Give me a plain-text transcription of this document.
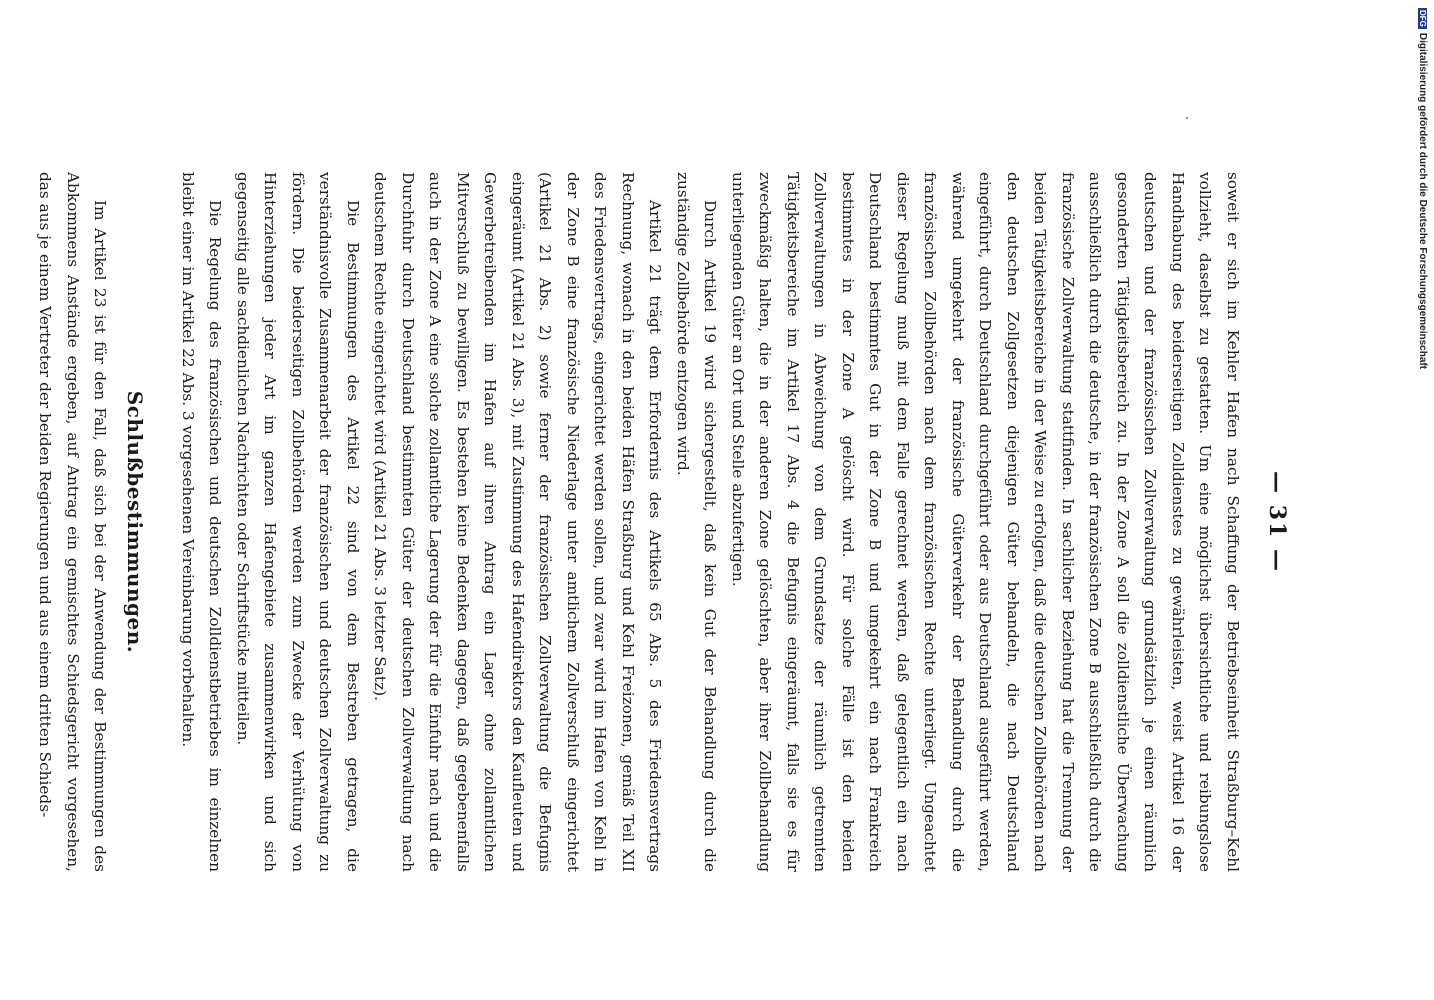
— 31 —

soweit er sich im Kehler Hafen nach Schaffung der Betriebseinheit Straßburg–Kehl vollzieht, daselbst zu gestatten. Um eine möglichst übersichtliche und reibungslose Handhabung des beiderseitigen Zolldienstes zu gewährleisten, weist Artikel 16 der deutschen und der französischen Zollverwaltung grundsätzlich je einen räumlich gesonderten Tätigkeitsbereich zu. In der Zone A soll die zolldienstliche Überwachung ausschließlich durch die deutsche, in der französischen Zone B ausschließlich durch die französische Zollverwaltung stattfinden. In sachlicher Beziehung hat die Trennung der beiden Tätigkeitsbereiche in der Weise zu erfolgen, daß die deutschen Zollbehörden nach den deutschen Zollgesetzen diejenigen Güter behandeln, die nach Deutschland eingeführt, durch Deutschland durchgeführt oder aus Deutschland ausgeführt werden, während umgekehrt der französische Güterverkehr der Behandlung durch die französischen Zollbehörden nach dem französischen Rechte unterliegt. Ungeachtet dieser Regelung muß mit dem Falle gerechnet werden, daß gelegentlich ein nach Deutschland bestimmtes Gut in der Zone B und umgekehrt ein nach Frankreich bestimmtes in der Zone A gelöscht wird. Für solche Fälle ist den beiden Zollverwaltungen in Abweichung von dem Grundsatze der räumlich getrennten Tätigkeitsbereiche im Artikel 17 Abs. 4 die Befugnis eingeräumt, falls sie es für zweckmäßig halten, die in der anderen Zone gelöschten, aber ihrer Zollbehandlung unterliegenden Güter an Ort und Stelle abzufertigen.

Durch Artikel 19 wird sichergestellt, daß kein Gut der Behandlung durch die zuständige Zollbehörde entzogen wird.

Artikel 21 trägt dem Erfordernis des Artikels 65 Abs. 5 des Friedensvertrags Rechnung, wonach in den beiden Häfen Straßburg und Kehl Freizonen, gemäß Teil XII des Friedensvertrags, eingerichtet werden sollen, und zwar wird im Hafen von Kehl in der Zone B eine französische Niederlage unter amtlichem Zollverschluß eingerichtet (Artikel 21 Abs. 2) sowie ferner der französischen Zollverwaltung die Befugnis eingeräumt (Artikel 21 Abs. 3), mit Zustimmung des Hafendirektors den Kaufleuten und Gewerbetreibenden im Hafen auf ihren Antrag ein Lager ohne zollamtlichen Mitverschluß zu bewilligen. Es bestehen keine Bedenken dagegen, daß gegebenenfalls auch in der Zone A eine solche zollamtliche Lagerung der für die Einfuhr nach und die Durchfuhr durch Deutschland bestimmten Güter der deutschen Zollverwaltung nach deutschem Rechte eingerichtet wird (Artikel 21 Abs. 3 letzter Satz).

Die Bestimmungen des Artikel 22 sind von dem Bestreben getragen, die verständnisvolle Zusammenarbeit der französischen und deutschen Zollverwaltung zu fördern. Die beiderseitigen Zollbehörden werden zum Zwecke der Verhütung von Hinterziehungen jeder Art im ganzen Hafengebiete zusammenwirken und sich gegenseitig alle sachdienlichen Nachrichten oder Schriftstücke mitteilen.

Die Regelung des französischen und deutschen Zolldienstbetriebes im einzelnen bleibt einer im Artikel 22 Abs. 3 vorgesehenen Vereinbarung vorbehalten.

Schlußbestimmungen.

Im Artikel 23 ist für den Fall, daß sich bei der Anwendung der Bestimmungen des Abkommens Anstände ergeben, auf Antrag ein gemischtes Schiedsgericht vorgesehen, das aus je einem Vertreter der beiden Regierungen und aus einem dritten Schieds-

DFGDigitalisierung gefördert durch die Deutsche Forschungsgemeinschaft
